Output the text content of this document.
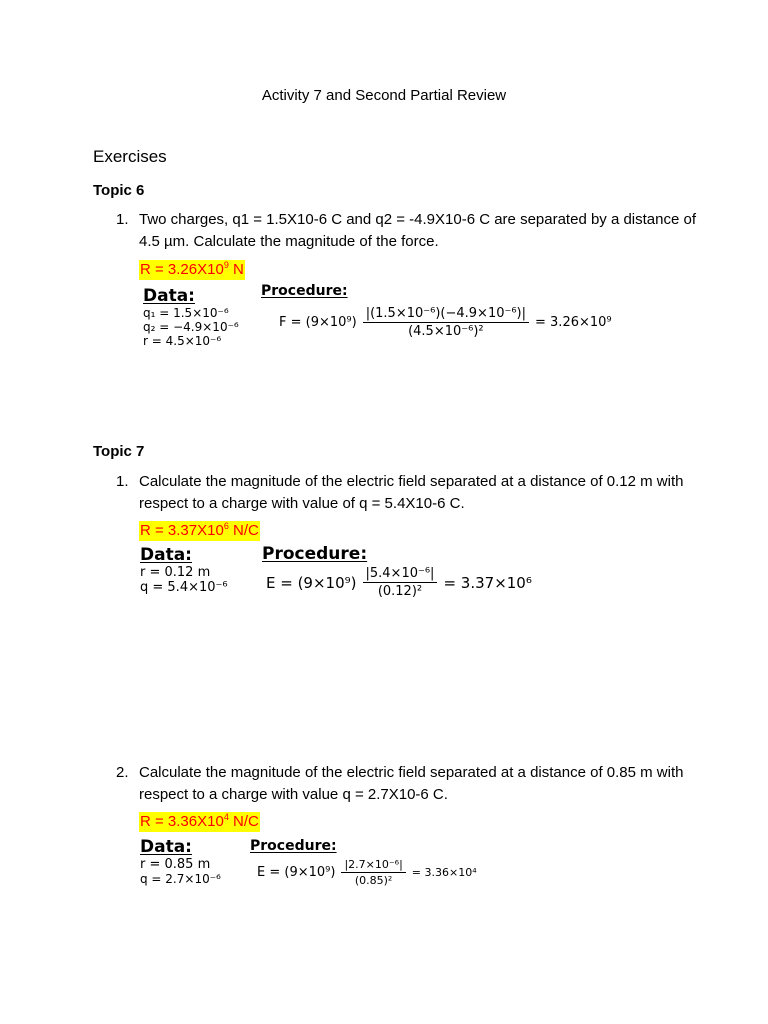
Activity 7 and Second Partial Review
Exercises
Topic 6
1. Two charges, q1 = 1.5X10-6 C and q2 = -4.9X10-6 C are separated by a distance of 4.5 µm. Calculate the magnitude of the force.
$R = 3.26X10^9$ N
Data:
q₁ = 1.5×10⁻⁶
q₂ = −4.9×10⁻⁶
r = 4.5×10⁻⁶
Procedure:
$F = (9\times 10^9) \frac{\text{|(1.5×10⁻⁶)(−4.9×10⁻⁶)|}}{\text{(4.5×10⁻⁶)²}} = 3.26\times 10^9$
Topic 7
1. Calculate the magnitude of the electric field separated at a distance of 0.12 m with respect to a charge with value of q = 5.4X10-6 C.
$R = 3.37X10^6$ N/C
Data:
r = 0.12 m
q = 5.4×10⁻⁶
Procedure:
$E = (9\times 10^9) \frac{\text{|5.4×10⁻⁶|}}{\text{(0.12)²}} = 3.37\times 10^6$
2. Calculate the magnitude of the electric field separated at a distance of 0.85 m with respect to a charge with value q = 2.7X10-6 C.
$R = 3.36X10^4$ N/C
Data:
r = 0.85 m
q = 2.7×10⁻⁶
Procedure:
$E = (9\times 10^9) \frac{\text{|2.7×10⁻⁶|}}{\text{(0.85)²}} = 3.36\times 10^4$
